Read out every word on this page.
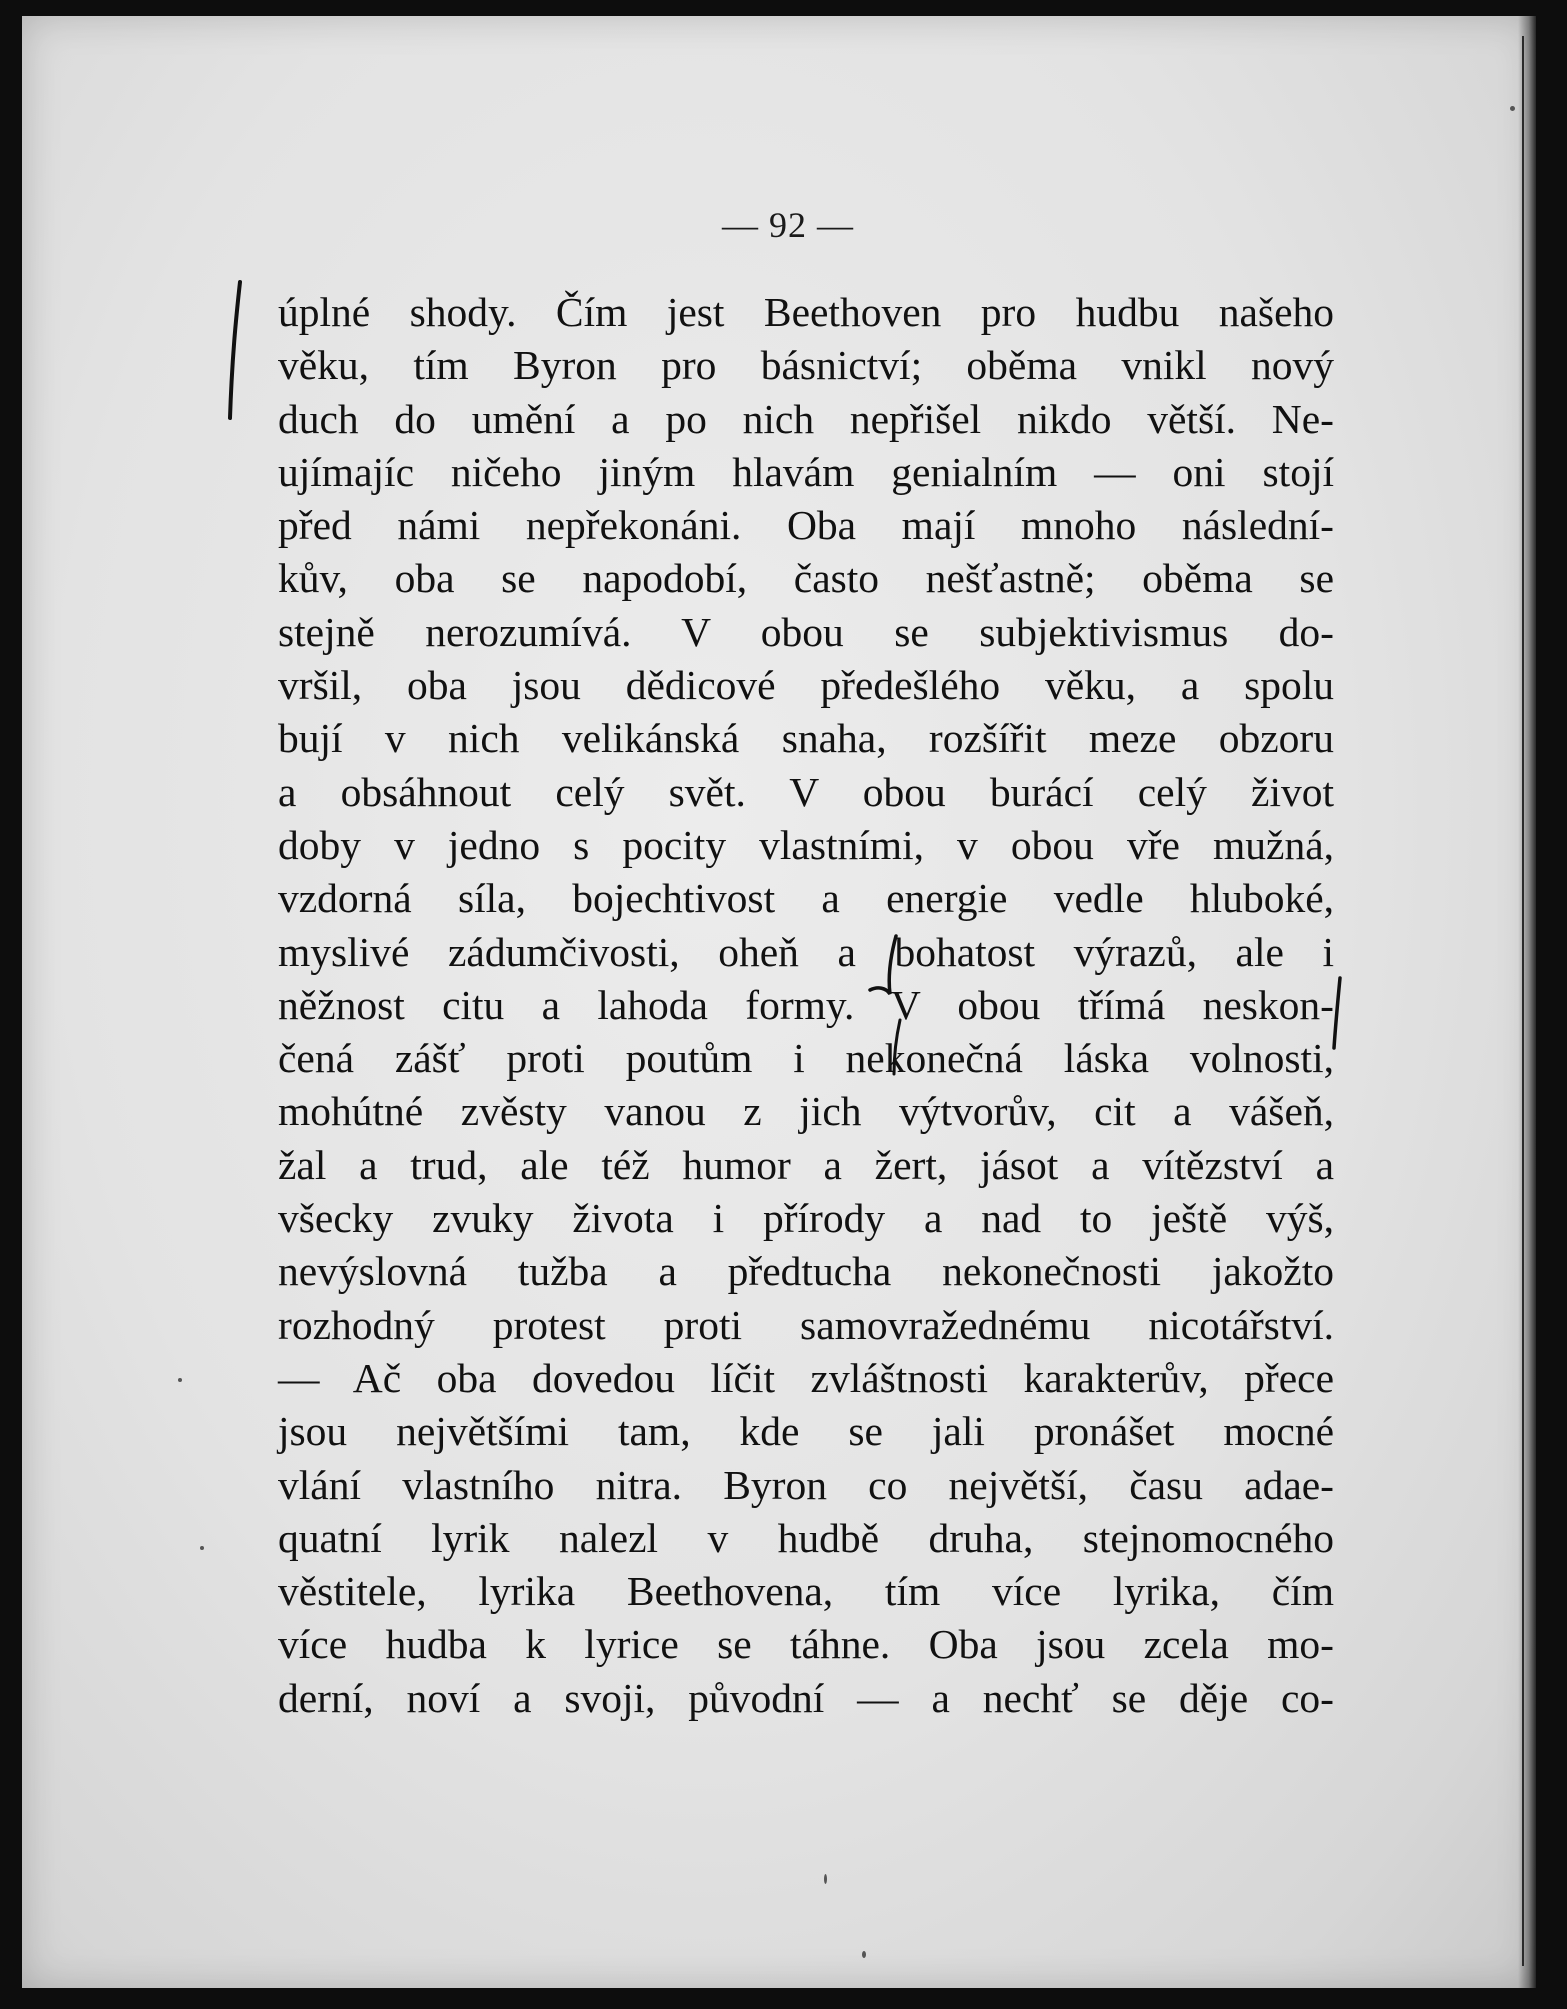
— 92 —
úplné shody. Čím jest Beethoven pro hudbu našeho
věku, tím Byron pro básnictví; oběma vnikl nový
duch do umění a po nich nepřišel nikdo větší. Ne-
ujímajíc ničeho jiným hlavám genialním — oni stojí
před námi nepřekonáni. Oba mají mnoho následní-
kův, oba se napodobí, často nešťastně; oběma se
stejně nerozumívá. V obou se subjektivismus do-
vršil, oba jsou dědicové předešlého věku, a spolu
bují v nich velikánská snaha, rozšířit meze obzoru
a obsáhnout celý svět. V obou burácí celý život
doby v jedno s pocity vlastními, v obou vře mužná,
vzdorná síla, bojechtivost a energie vedle hluboké,
myslivé zádumčivosti, oheň a bohatost výrazů, ale i
něžnost citu a lahoda formy. V obou třímá neskon-
čená zášť proti poutům i nekonečná láska volnosti,
mohútné zvěsty vanou z jich výtvorův, cit a vášeň,
žal a trud, ale též humor a žert, jásot a vítězství a
všecky zvuky života i přírody a nad to ještě výš,
nevýslovná tužba a předtucha nekonečnosti jakožto
rozhodný protest proti samovražednému nicotářství.
— Ač oba dovedou líčit zvláštnosti karakterův, přece
jsou největšími tam, kde se jali pronášet mocné
vlání vlastního nitra. Byron co největší, času adae-
quatní lyrik nalezl v hudbě druha, stejnomocného
věstitele, lyrika Beethovena, tím více lyrika, čím
více hudba k lyrice se táhne. Oba jsou zcela mo-
derní, noví a svoji, původní — a nechť se děje co-
